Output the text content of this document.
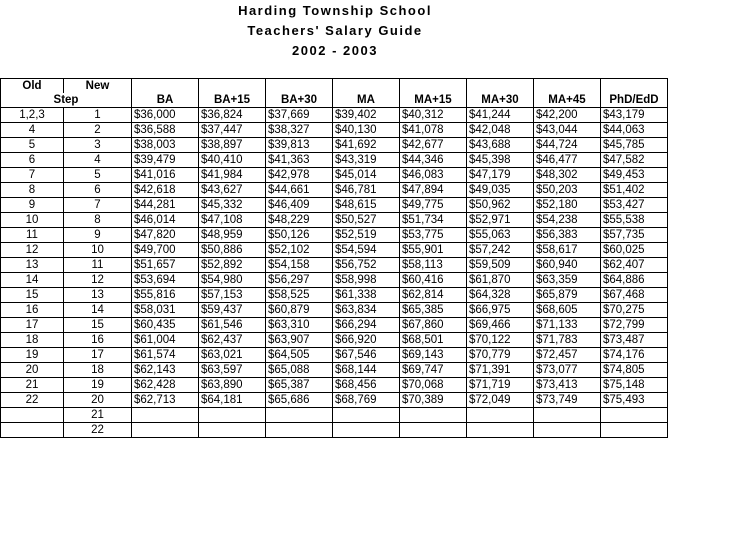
Harding Township School
Teachers' Salary Guide
2002 - 2003
Old	New								
Step		BA	BA+15	BA+30	MA	MA+15	MA+30	MA+45	PhD/EdD
1,2,3	1	$36,000	$36,824	$37,669	$39,402	$40,312	$41,244	$42,200	$43,179
4	2	$36,588	$37,447	$38,327	$40,130	$41,078	$42,048	$43,044	$44,063
5	3	$38,003	$38,897	$39,813	$41,692	$42,677	$43,688	$44,724	$45,785
6	4	$39,479	$40,410	$41,363	$43,319	$44,346	$45,398	$46,477	$47,582
7	5	$41,016	$41,984	$42,978	$45,014	$46,083	$47,179	$48,302	$49,453
8	6	$42,618	$43,627	$44,661	$46,781	$47,894	$49,035	$50,203	$51,402
9	7	$44,281	$45,332	$46,409	$48,615	$49,775	$50,962	$52,180	$53,427
10	8	$46,014	$47,108	$48,229	$50,527	$51,734	$52,971	$54,238	$55,538
11	9	$47,820	$48,959	$50,126	$52,519	$53,775	$55,063	$56,383	$57,735
12	10	$49,700	$50,886	$52,102	$54,594	$55,901	$57,242	$58,617	$60,025
13	11	$51,657	$52,892	$54,158	$56,752	$58,113	$59,509	$60,940	$62,407
14	12	$53,694	$54,980	$56,297	$58,998	$60,416	$61,870	$63,359	$64,886
15	13	$55,816	$57,153	$58,525	$61,338	$62,814	$64,328	$65,879	$67,468
16	14	$58,031	$59,437	$60,879	$63,834	$65,385	$66,975	$68,605	$70,275
17	15	$60,435	$61,546	$63,310	$66,294	$67,860	$69,466	$71,133	$72,799
18	16	$61,004	$62,437	$63,907	$66,920	$68,501	$70,122	$71,783	$73,487
19	17	$61,574	$63,021	$64,505	$67,546	$69,143	$70,779	$72,457	$74,176
20	18	$62,143	$63,597	$65,088	$68,144	$69,747	$71,391	$73,077	$74,805
21	19	$62,428	$63,890	$65,387	$68,456	$70,068	$71,719	$73,413	$75,148
22	20	$62,713	$64,181	$65,686	$68,769	$70,389	$72,049	$73,749	$75,493
	21								
	22								
